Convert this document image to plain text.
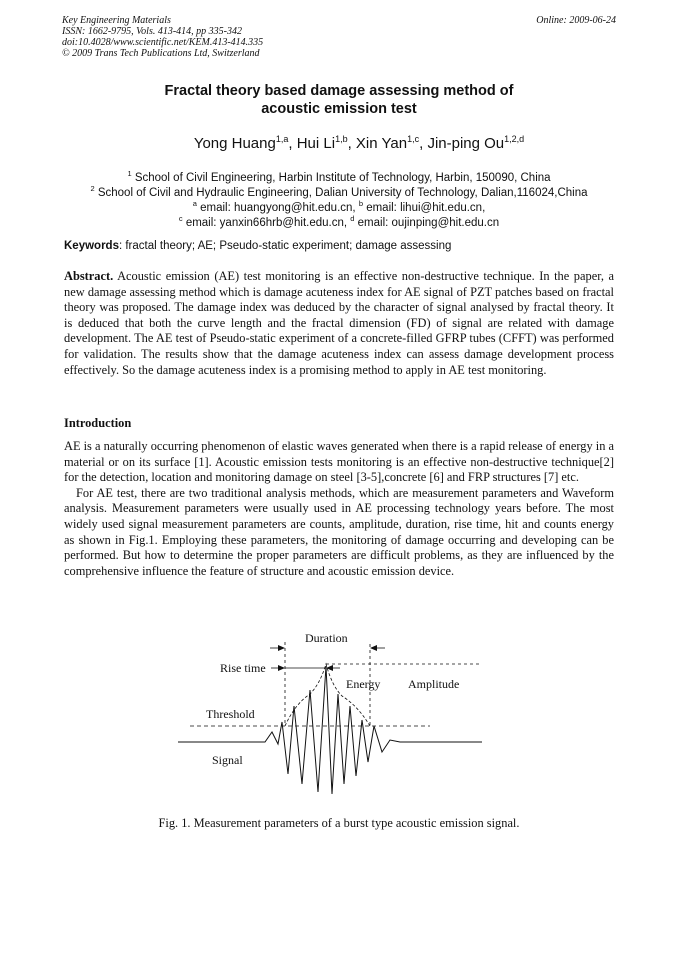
Key Engineering Materials
ISSN: 1662-9795, Vols. 413-414, pp 335-342
doi:10.4028/www.scientific.net/KEM.413-414.335
© 2009 Trans Tech Publications Ltd, Switzerland
Online: 2009-06-24
Fractal theory based damage assessing method of
acoustic emission test
Yong Huang$^{1,a}$, Hui Li$^{1,b}$, Xin Yan$^{1,c}$, Jin-ping Ou$^{1,2,d}$
$^1$ School of Civil Engineering, Harbin Institute of Technology, Harbin, 150090, China
$^2$ School of Civil and Hydraulic Engineering, Dalian University of Technology, Dalian,116024,China
$^a$ email: huangyong@hit.edu.cn, $^b$ email: lihui@hit.edu.cn,
$^c$ email: yanxin66hrb@hit.edu.cn, $^d$ email: oujinping@hit.edu.cn
Keywords: fractal theory; AE; Pseudo-static experiment; damage assessing
Abstract. Acoustic emission (AE) test monitoring is an effective non-destructive technique. In the paper, a new damage assessing method which is damage acuteness index for AE signal of PZT patches based on fractal theory was proposed. The damage index was deduced by the character of signal analysed by fractal theory. It is deduced that both the curve length and the fractal dimension (FD) of signal are related with damage development. The AE test of Pseudo-static experiment of a concrete-filled GFRP tubes (CFFT) was performed for validation. The results show that the damage acuteness index can assess damage development process effectively. So the damage acuteness index is a promising method to apply in AE test monitoring.
Introduction
AE is a naturally occurring phenomenon of elastic waves generated when there is a rapid release of energy in a material or on its surface [1]. Acoustic emission tests monitoring is an effective non-destructive technique[2] for the detection, location and monitoring damage on steel [3-5],concrete [6] and FRP structures [7] etc.
For AE test, there are two traditional analysis methods, which are measurement parameters and Waveform analysis. Measurement parameters were usually used in AE processing technology years before. The most widely used signal measurement parameters are counts, amplitude, duration, rise time, hit and counts energy as shown in Fig.1. Employing these parameters, the monitoring of damage occurring and developing can be performed. But how to determine the proper parameters are difficult problems, as they are influenced by the comprehensive influence the feature of structure and acoustic emission device.
Duration
Rise time
Amplitude
Energy
Threshold
Signal
Fig. 1. Measurement parameters of a burst type acoustic emission signal.
